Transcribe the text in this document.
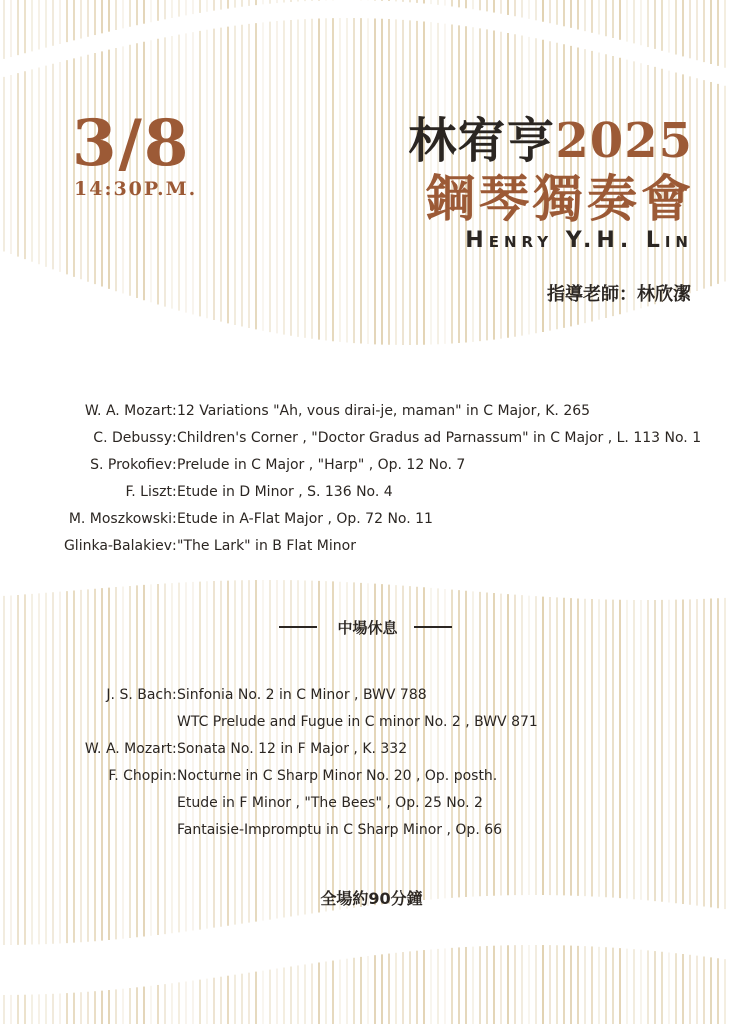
3/8
14:30P.M.
林宥亨2025
鋼琴獨奏會
Henry Y.H. Lin
指導老師：林欣潔
W. A. Mozart : 12 Variations "Ah, vous dirai-je, maman" in C Major, K. 265
C. Debussy : Children's Corner , "Doctor Gradus ad Parnassum" in C Major , L. 113 No. 1
S. Prokofiev : Prelude in C Major , "Harp" , Op. 12 No. 7
F. Liszt : Etude in D Minor , S. 136 No. 4
M. Moszkowski : Etude in A-Flat Major , Op. 72 No. 11
Glinka-Balakiev : "The Lark" in B Flat Minor
中場休息
J. S. Bach : Sinfonia No. 2 in C Minor , BWV 788
WTC Prelude and Fugue in C minor No. 2 , BWV 871
W. A. Mozart : Sonata No. 12 in F Major , K. 332
F. Chopin : Nocturne in C Sharp Minor No. 20 , Op. posth.
Etude in F Minor , "The Bees" , Op. 25 No. 2
Fantaisie-Impromptu in C Sharp Minor , Op. 66
全場約90分鐘
